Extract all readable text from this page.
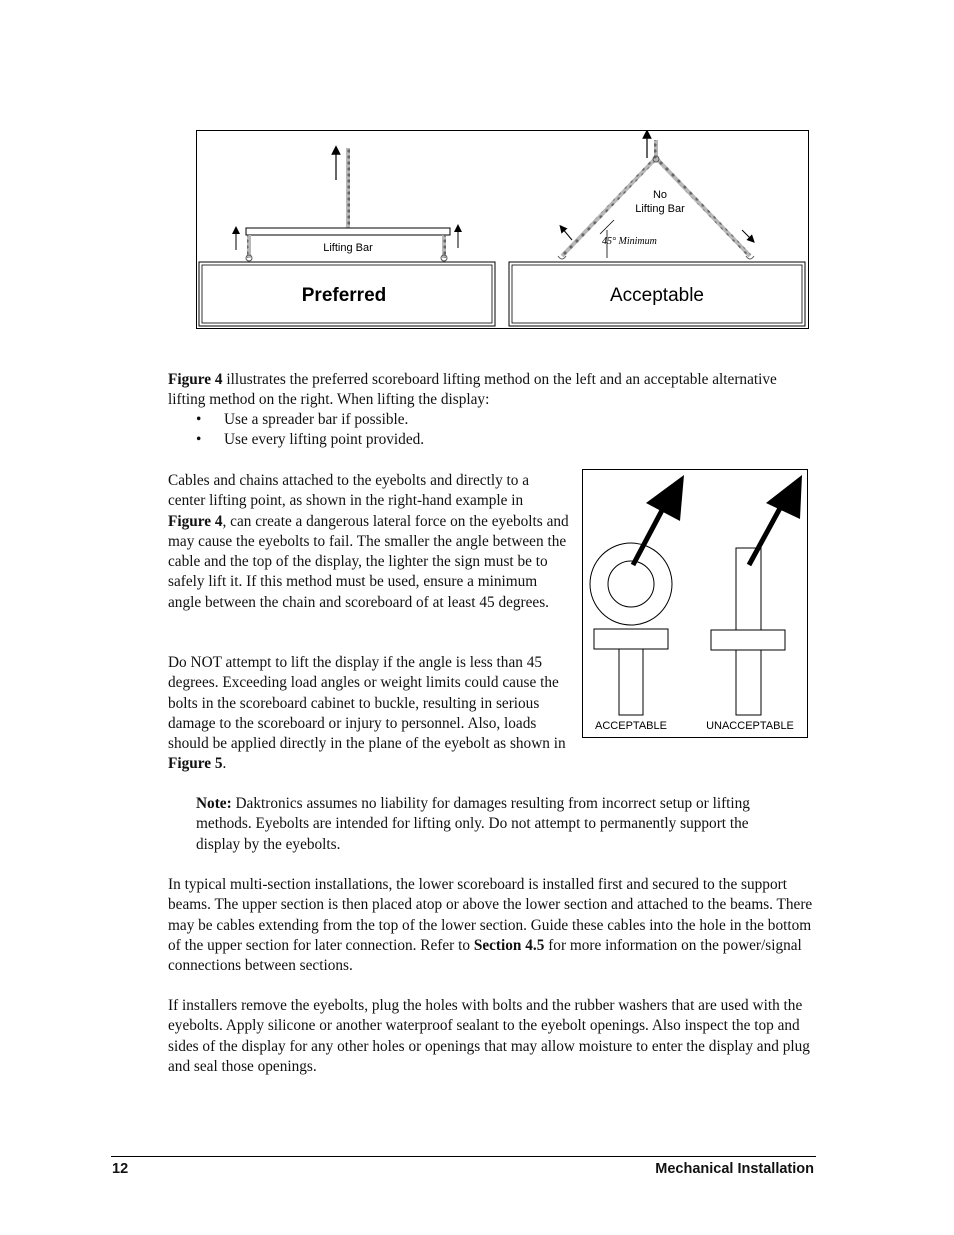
Lifting Bar
Preferred
No
Lifting Bar
45° Minimum
Acceptable
Figure 4 illustrates the preferred scoreboard lifting method on the left and an acceptable alternative lifting method on the right. When lifting the display:
• Use a spreader bar if possible.
• Use every lifting point provided.
Cables and chains attached to the eyebolts and directly to a center lifting point, as shown in the right-hand example in Figure 4, can create a dangerous lateral force on the eyebolts and may cause the eyebolts to fail. The smaller the angle between the cable and the top of the display, the lighter the sign must be to safely lift it. If this method must be used, ensure a minimum angle between the chain and scoreboard of at least 45 degrees.
Do NOT attempt to lift the display if the angle is less than 45 degrees. Exceeding load angles or weight limits could cause the bolts in the scoreboard cabinet to buckle, resulting in serious damage to the scoreboard or injury to personnel. Also, loads should be applied directly in the plane of the eyebolt as shown in Figure 5.
ACCEPTABLE	UNACCEPTABLE
Note: Daktronics assumes no liability for damages resulting from incorrect setup or lifting methods. Eyebolts are intended for lifting only. Do not attempt to permanently support the display by the eyebolts.
In typical multi-section installations, the lower scoreboard is installed first and secured to the support beams. The upper section is then placed atop or above the lower section and attached to the beams. There may be cables extending from the top of the lower section. Guide these cables into the hole in the bottom of the upper section for later connection. Refer to Section 4.5 for more information on the power/signal connections between sections.
If installers remove the eyebolts, plug the holes with bolts and the rubber washers that are used with the eyebolts. Apply silicone or another waterproof sealant to the eyebolt openings. Also inspect the top and sides of the display for any other holes or openings that may allow moisture to enter the display and plug and seal those openings.
12	Mechanical Installation
